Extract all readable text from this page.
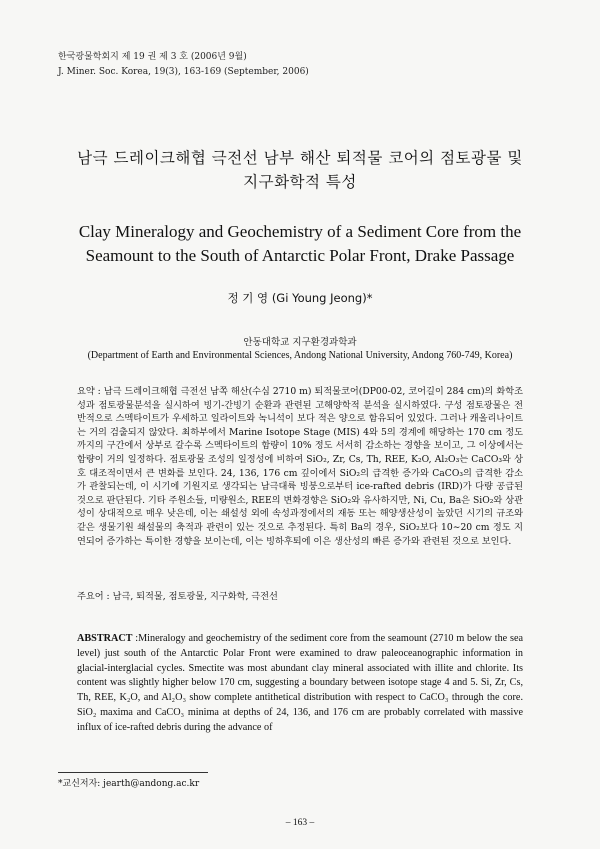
한국광물학회지 제 19 권 제 3 호 (2006년 9월)
J. Miner. Soc. Korea, 19(3), 163-169 (September, 2006)
남극 드레이크해협 극전선 남부 해산 퇴적물 코어의 점토광물 및
지구화학적 특성
Clay Mineralogy and Geochemistry of a Sediment Core from the
Seamount to the South of Antarctic Polar Front, Drake Passage
정 기 영 (Gi Young Jeong)*
안동대학교 지구환경과학과
(Department of Earth and Environmental Sciences, Andong National University, Andong 760-749, Korea)
요약 : 남극 드레이크해협 극전선 남쪽 해산(수심 2710 m) 퇴적물코어(DP00-02, 코어길이 284 cm)의 화학조성과 점토광물분석을 실시하여 빙기-간빙기 순환과 관련된 고해양학적 분석을 실시하였다. 구성 점토광물은 전반적으로 스멕타이트가 우세하고 일라이트와 녹니석이 보다 적은 양으로 함유되어 있었다. 그러나 캐올리나이트는 거의 검출되지 않았다. 최하부에서 Marine Isotope Stage (MIS) 4와 5의 경계에 해당하는 170 cm 정도까지의 구간에서 상부로 갈수록 스멕타이트의 함량이 10% 정도 서서히 감소하는 경향을 보이고, 그 이상에서는 함량이 거의 일정하다. 점토광물 조성의 일정성에 비하여 SiO₂, Zr, Cs, Th, REE, K₂O, Al₂O₃는 CaCO₃와 상호 대조적이면서 큰 변화를 보인다. 24, 136, 176 cm 깊이에서 SiO₂의 급격한 증가와 CaCO₃의 급격한 감소가 관찰되는데, 이 시기에 기원지로 생각되는 남극대륙 빙붕으로부터 ice-rafted debris (IRD)가 다량 공급된 것으로 판단된다. 기타 주원소들, 미량원소, REE의 변화경향은 SiO₂와 유사하지만, Ni, Cu, Ba은 SiO₂와 상관성이 상대적으로 매우 낮은데, 이는 쇄설성 외에 속성과정에서의 재동 또는 해양생산성이 높았던 시기의 규조와 같은 생물기원 쇄설물의 축적과 관련이 있는 것으로 추정된다. 특히 Ba의 경우, SiO₂보다 10∼20 cm 정도 지연되어 증가하는 특이한 경향을 보이는데, 이는 빙하후퇴에 이은 생산성의 빠른 증가와 관련된 것으로 보인다.
주요어 : 남극, 퇴적물, 점토광물, 지구화학, 극전선
ABSTRACT :Mineralogy and geochemistry of the sediment core from the seamount (2710 m below the sea level) just south of the Antarctic Polar Front were examined to draw paleoceanographic information in glacial-interglacial cycles. Smectite was most abundant clay mineral associated with illite and chlorite. Its content was slightly higher below 170 cm, suggesting a boundary between isotope stage 4 and 5. Si, Zr, Cs, Th, REE, K₂O, and Al₂O₃ show complete antithetical distribution with respect to CaCO₃ through the core. SiO₂ maxima and CaCO₃ minima at depths of 24, 136, and 176 cm are probably correlated with massive influx of ice-rafted debris during the advance of
*교신저자: jearth@andong.ac.kr
– 163 –
